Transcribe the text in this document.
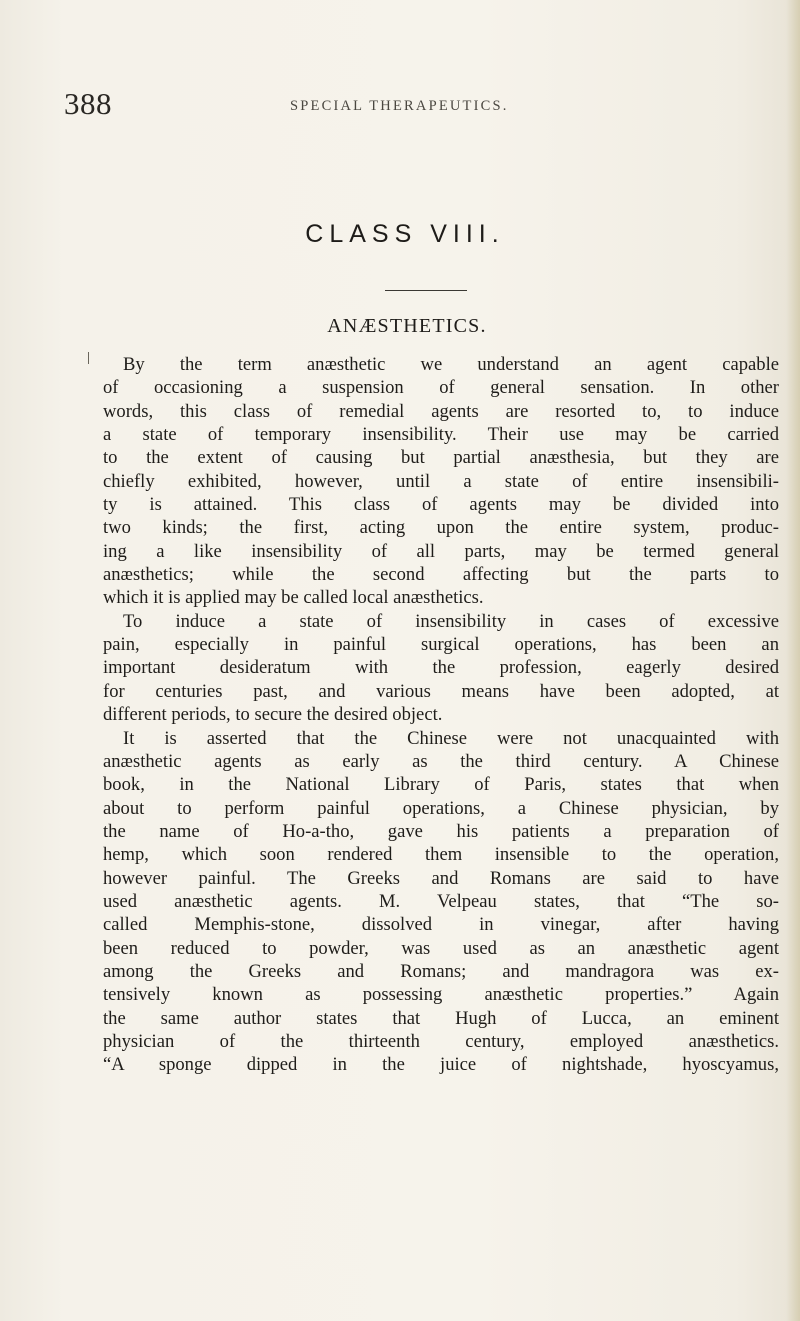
388	SPECIAL THERAPEUTICS.
CLASS VIII.
ANÆSTHETICS.
By the term anæsthetic we understand an agent capable
of occasioning a suspension of general sensation. In other
words, this class of remedial agents are resorted to, to induce
a state of temporary insensibility. Their use may be carried
to the extent of causing but partial anæsthesia, but they are
chiefly exhibited, however, until a state of entire insensibili-
ty is attained. This class of agents may be divided into
two kinds; the first, acting upon the entire system, produc-
ing a like insensibility of all parts, may be termed general
anæsthetics; while the second affecting but the parts to
which it is applied may be called local anæsthetics.
To induce a state of insensibility in cases of excessive
pain, especially in painful surgical operations, has been an
important desideratum with the profession, eagerly desired
for centuries past, and various means have been adopted, at
different periods, to secure the desired object.
It is asserted that the Chinese were not unacquainted with
anæsthetic agents as early as the third century. A Chinese
book, in the National Library of Paris, states that when
about to perform painful operations, a Chinese physician, by
the name of Ho-a-tho, gave his patients a preparation of
hemp, which soon rendered them insensible to the operation,
however painful. The Greeks and Romans are said to have
used anæsthetic agents. M. Velpeau states, that “The so-
called Memphis-stone, dissolved in vinegar, after having
been reduced to powder, was used as an anæsthetic agent
among the Greeks and Romans; and mandragora was ex-
tensively known as possessing anæsthetic properties.” Again
the same author states that Hugh of Lucca, an eminent
physician of the thirteenth century, employed anæsthetics.
“A sponge dipped in the juice of nightshade, hyoscyamus,
